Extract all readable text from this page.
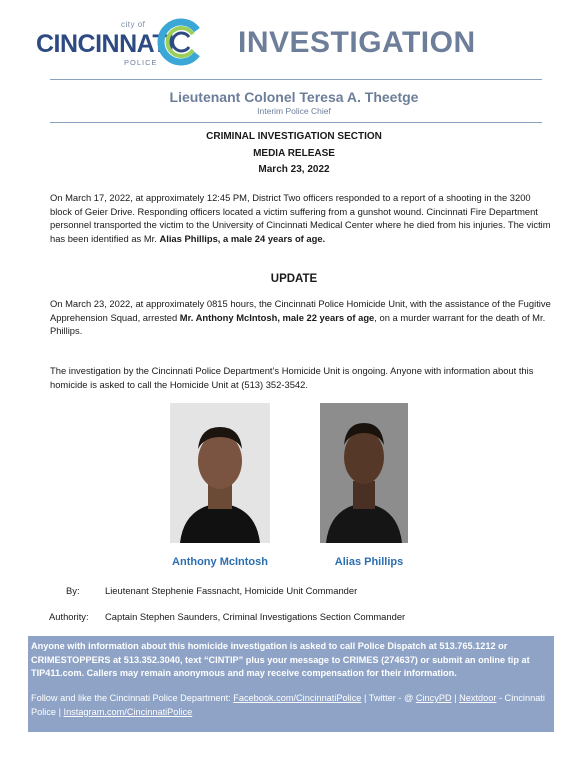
city of
CINCINNATI
POLICE
INVESTIGATION
Lieutenant Colonel Teresa A. Theetge
Interim Police Chief
CRIMINAL INVESTIGATION SECTION
MEDIA RELEASE
March 23, 2022
On March 17, 2022, at approximately 12:45 PM, District Two officers responded to a report of a shooting in the 3200 block of Geier Drive. Responding officers located a victim suffering from a gunshot wound. Cincinnati Fire Department personnel transported the victim to the University of Cincinnati Medical Center where he died from his injuries. The victim has been identified as Mr. Alias Phillips, a male 24 years of age.
UPDATE
On March 23, 2022, at approximately 0815 hours, the Cincinnati Police Homicide Unit, with the assistance of the Fugitive Apprehension Squad, arrested Mr. Anthony McIntosh, male 22 years of age, on a murder warrant for the death of Mr. Phillips.
The investigation by the Cincinnati Police Department’s Homicide Unit is ongoing. Anyone with information about this homicide is asked to call the Homicide Unit at (513) 352-3542.
Anthony McIntosh	Alias Phillips
By:	Lieutenant Stephenie Fassnacht, Homicide Unit Commander
Authority: Captain Stephen Saunders, Criminal Investigations Section Commander
Anyone with information about this homicide investigation is asked to call Police Dispatch at 513.765.1212 or CRIMESTOPPERS at 513.352.3040, text “CINTIP” plus your message to CRIMES (274637) or submit an online tip at TIP411.com. Callers may remain anonymous and may receive compensation for their information.
Follow and like the Cincinnati Police Department: Facebook.com/CincinnatiPolice | Twitter - @ CincyPD | Nextdoor - Cincinnati Police | Instagram.com/CincinnatiPolice
